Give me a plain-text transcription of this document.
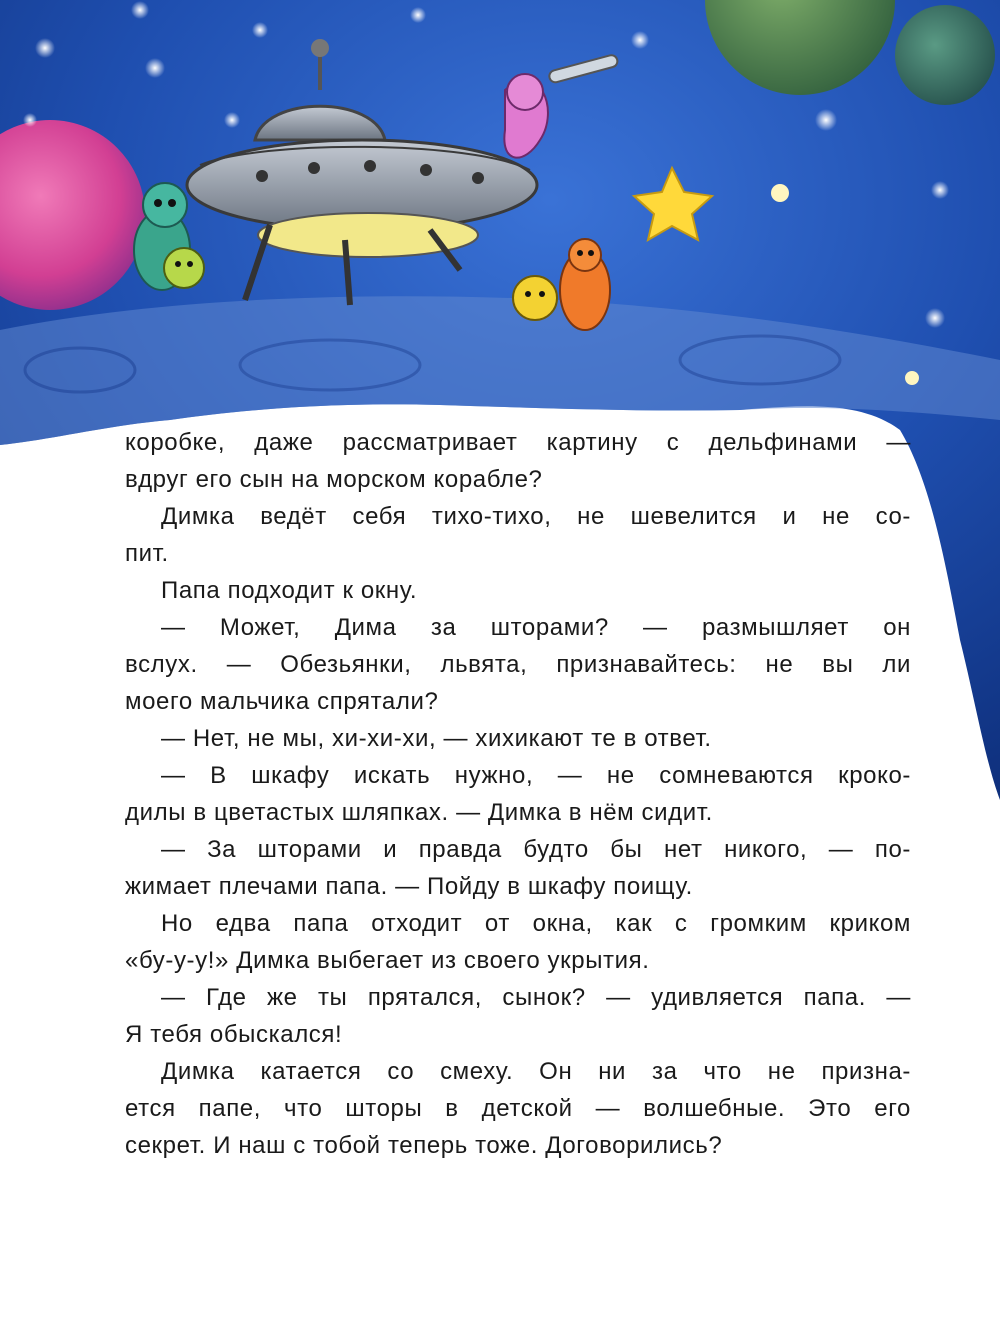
коробке, даже рассматривает картину с дельфинами —
вдруг его сын на морском корабле?
Димка ведёт себя тихо-тихо, не шевелится и не со-
пит.
Папа подходит к окну.
— Может, Дима за шторами? — размышляет он
вслух. — Обезьянки, львята, признавайтесь: не вы ли
моего мальчика спрятали?
— Нет, не мы, хи-хи-хи, — хихикают те в ответ.
— В шкафу искать нужно, — не сомневаются кроко-
дилы в цветастых шляпках. — Димка в нём сидит.
— За шторами и правда будто бы нет никого, — по-
жимает плечами папа. — Пойду в шкафу поищу.
Но едва папа отходит от окна, как с громким криком
«бу-у-у!» Димка выбегает из своего укрытия.
— Где же ты прятался, сынок? — удивляется папа. —
Я тебя обыскался!
Димка катается со смеху. Он ни за что не призна-
ется папе, что шторы в детской — волшебные. Это его
секрет. И наш с тобой теперь тоже. Договорились?
